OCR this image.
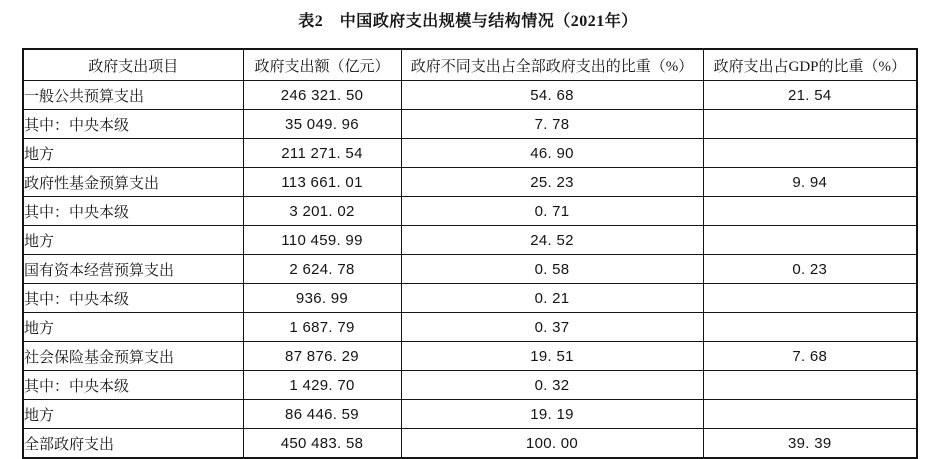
表2　中国政府支出规模与结构情况（2021年）
政府支出项目	政府支出额（亿元）	政府不同支出占全部政府支出的比重（%）	政府支出占GDP的比重（%）
一般公共预算支出	246 321. 50	54. 68	21. 54
其中：中央本级	35 049. 96	7. 78	
地方	211 271. 54	46. 90	
政府性基金预算支出	113 661. 01	25. 23	9. 94
其中：中央本级	3 201. 02	0. 71	
地方	110 459. 99	24. 52	
国有资本经营预算支出	2 624. 78	0. 58	0. 23
其中：中央本级	936. 99	0. 21	
地方	1 687. 79	0. 37	
社会保险基金预算支出	87 876. 29	19. 51	7. 68
其中：中央本级	1 429. 70	0. 32	
地方	86 446. 59	19. 19	
全部政府支出	450 483. 58	100. 00	39. 39
